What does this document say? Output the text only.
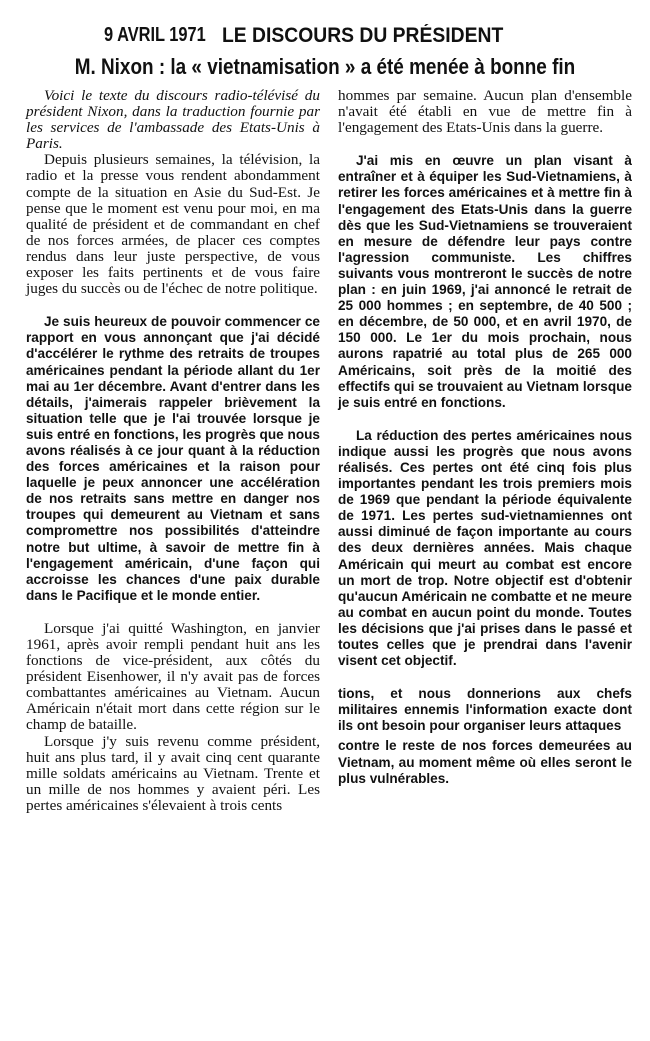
9 AVRIL 1971 LE DISCOURS DU PRÉSIDENT
M. Nixon : la « vietnamisation » a été menée à bonne fin

Voici le texte du discours radio-télévisé du président Nixon, dans la traduction fournie par les services de l'ambassade des Etats-Unis à Paris.

Depuis plusieurs semaines, la télévision, la radio et la presse vous rendent abondamment compte de la situation en Asie du Sud-Est. Je pense que le moment est venu pour moi, en ma qualité de président et de commandant en chef de nos forces armées, de placer ces comptes rendus dans leur juste perspective, de vous exposer les faits pertinents et de vous faire juges du succès ou de l'échec de notre politique.

Je suis heureux de pouvoir commencer ce rapport en vous annonçant que j'ai décidé d'accélérer le rythme des retraits de troupes américaines pendant la période allant du 1er mai au 1er décembre. Avant d'entrer dans les détails, j'aimerais rappeler brièvement la situation telle que je l'ai trouvée lorsque je suis entré en fonctions, les progrès que nous avons réalisés à ce jour quant à la réduction des forces américaines et la raison pour laquelle je peux annoncer une accélération de nos retraits sans mettre en danger nos troupes qui demeurent au Vietnam et sans compromettre nos possibilités d'atteindre notre but ultime, à savoir de mettre fin à l'engagement américain, d'une façon qui accroisse les chances d'une paix durable dans le Pacifique et le monde entier.

Lorsque j'ai quitté Washington, en janvier 1961, après avoir rempli pendant huit ans les fonctions de vice-président, aux côtés du président Eisenhower, il n'y avait pas de forces combattantes américaines au Vietnam. Aucun Américain n'était mort dans cette région sur le champ de bataille.

Lorsque j'y suis revenu comme président, huit ans plus tard, il y avait cinq cent quarante mille soldats américains au Vietnam. Trente et un mille de nos hommes y avaient péri. Les pertes américaines s'élevaient à trois cents

hommes par semaine. Aucun plan d'ensemble n'avait été établi en vue de mettre fin à l'engagement des Etats-Unis dans la guerre.

J'ai mis en œuvre un plan visant à entraîner et à équiper les Sud-Vietnamiens, à retirer les forces américaines et à mettre fin à l'engagement des Etats-Unis dans la guerre dès que les Sud-Vietnamiens se trouveraient en mesure de défendre leur pays contre l'agression communiste. Les chiffres suivants vous montreront le succès de notre plan : en juin 1969, j'ai annoncé le retrait de 25 000 hommes ; en septembre, de 40 500 ; en décembre, de 50 000, et en avril 1970, de 150 000. Le 1er du mois prochain, nous aurons rapatrié au total plus de 265 000 Américains, soit près de la moitié des effectifs qui se trouvaient au Vietnam lorsque je suis entré en fonctions.

La réduction des pertes américaines nous indique aussi les progrès que nous avons réalisés. Ces pertes ont été cinq fois plus importantes pendant les trois premiers mois de 1969 que pendant la période équivalente de 1971. Les pertes sud-vietnamiennes ont aussi diminué de façon importante au cours des deux dernières années. Mais chaque Américain qui meurt au combat est encore un mort de trop. Notre objectif est d'obtenir qu'aucun Américain ne combatte et ne meure au combat en aucun point du monde. Toutes les décisions que j'ai prises dans le passé et toutes celles que je prendrai dans l'avenir visent cet objectif.

tions, et nous donnerions aux chefs militaires ennemis l'information exacte dont ils ont besoin pour organiser leurs attaques

contre le reste de nos forces demeurées au Vietnam, au moment même où elles seront le plus vulnérables.
